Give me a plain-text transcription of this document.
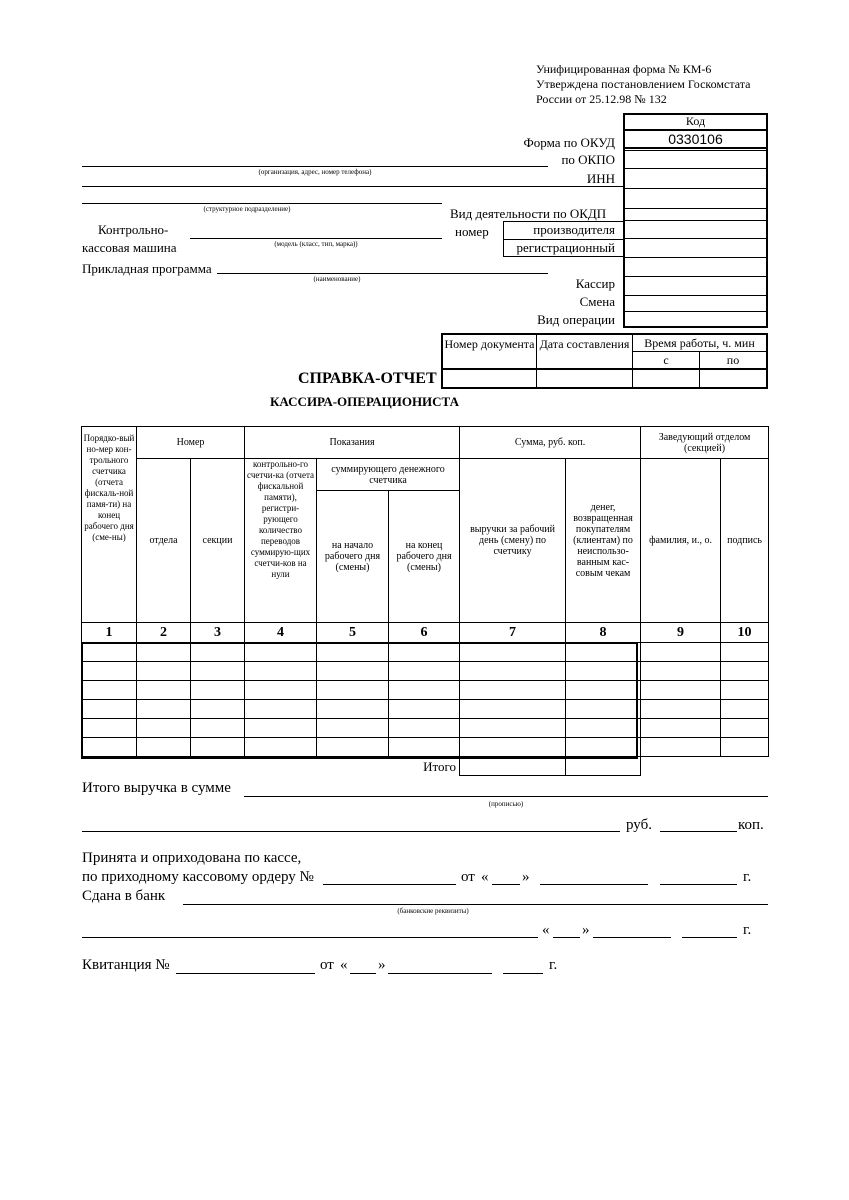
Унифицированная форма № КМ-6
Утверждена постановлением Госкомстата
России от 25.12.98 № 132
Код
0330106
Форма по ОКУД
по ОКПО
ИНН
Вид деятельности по ОКДП
номер	производителя
регистрационный
Кассир
Смена
Вид операции
(организация, адрес, номер телефона)
(структурное подразделение)
Контрольно-
кассовая машина	(модель (класс, тип, марка))
Прикладная программа
(наименование)
Номер документа Дата составления	Время работы, ч. мин
с	по
СПРАВКА-ОТЧЕТ
КАССИРА-ОПЕРАЦИОНИСТА
Порядко-вый но-мер кон-трольного счетчика (отчета фискаль-ной памя-ти) на конец рабочего дня (сме-ны)	Номер		Показания			Сумма, руб. коп.		Заведующий отделом (секцией)	
	отдела	секции	контрольно-го счетчи-ка (отчета фискальной памяти), регистри-рующего количество переводов суммирую-щих счетчи-ков на нули	суммирующего денежного счетчика		выручки за рабочий день (смену) по счетчику	денег, возвращенная покупателям (клиентам) по неиспользо-ванным кас-совым чекам	фамилия, и., о.	подпись
				на начало рабочего дня (смены)	на конец рабочего дня (смены)				
1	2	3	4	5	6	7	8	9	10

Итого									
Итого выручка в сумме
(прописью)
руб.	коп.
Принята и оприходована по кассе,
по приходному кассовому ордеру №	от « »	г.
Сдана в банк
(банковские реквизиты)
« »	г.
Квитанция №	от « »	г.
